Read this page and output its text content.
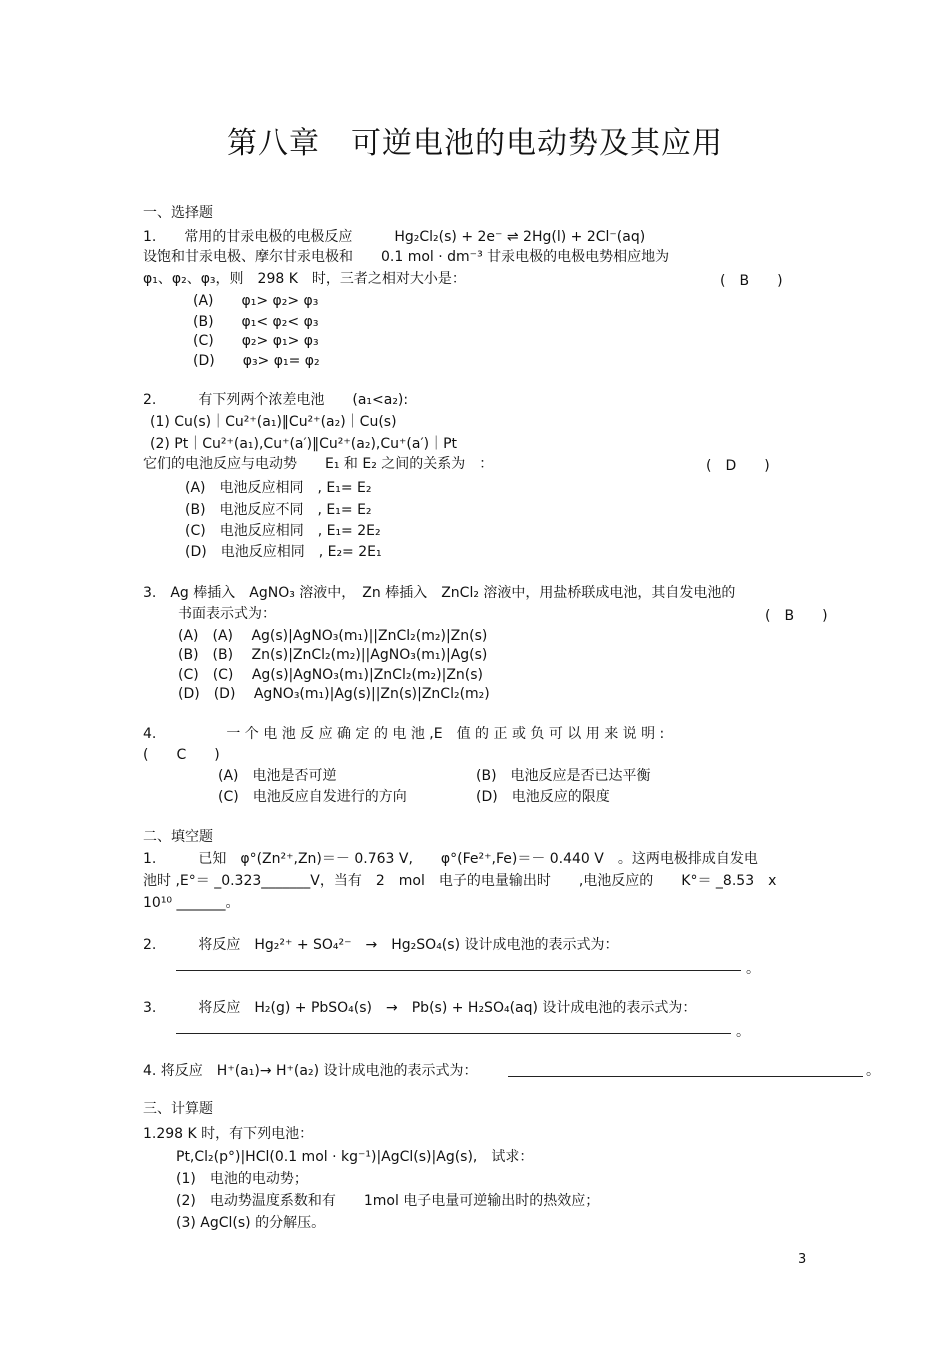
第八章　可逆电池的电动势及其应用
一、选择题
1.　　常用的甘汞电极的电极反应　　　Hg₂Cl₂(s) + 2e⁻ ⇌ 2Hg(l) + 2Cl⁻(aq)
设饱和甘汞电极、摩尔甘汞电极和　　0.1 mol · dm⁻³ 甘汞电极的电极电势相应地为
φ₁、φ₂、φ₃，则　298 K　时，三者之相对大小是：	(　B　　)
(A)　　φ₁> φ₂> φ₃
(B)　　φ₁< φ₂< φ₃
(C)　　φ₂> φ₁> φ₃
(D)　　φ₃> φ₁= φ₂
2.　　　有下列两个浓差电池　　(a₁<a₂):
(1) Cu(s)｜Cu²⁺(a₁)‖Cu²⁺(a₂)｜Cu(s)
(2) Pt｜Cu²⁺(a₁),Cu⁺(a′)‖Cu²⁺(a₂),Cu⁺(a′)｜Pt
它们的电池反应与电动势　　E₁ 和 E₂ 之间的关系为　：	(　D　　)
(A)　电池反应相同　, E₁= E₂
(B)　电池反应不同　, E₁= E₂
(C)　电池反应相同　, E₁= 2E₂
(D)　电池反应相同　, E₂= 2E₁
3.　Ag 棒插入　AgNO₃ 溶液中，　Zn 棒插入　ZnCl₂ 溶液中，用盐桥联成电池，其自发电池的
书面表示式为：	(　B　　)
(A)　(A)　 Ag(s)|AgNO₃(m₁)||ZnCl₂(m₂)|Zn(s)
(B)　(B)　 Zn(s)|ZnCl₂(m₂)||AgNO₃(m₁)|Ag(s)
(C)　(C)　 Ag(s)|AgNO₃(m₁)|ZnCl₂(m₂)|Zn(s)
(D)　(D)　 AgNO₃(m₁)|Ag(s)||Zn(s)|ZnCl₂(m₂)
4.　　　　　一 个 电 池 反 应 确 定 的 电 池 ,E　值 的 正 或 负 可 以 用 来 说 明 :
(　　C　　)
(A)　电池是否可逆	(B)　电池反应是否已达平衡
(C)　电池反应自发进行的方向	(D)　电池反应的限度
二、填空题
1.　　　已知　φ°(Zn²⁺,Zn)＝－ 0.763 V,　　φ°(Fe²⁺,Fe)＝－ 0.440 V　。这两电极排成自发电
池时 ,E°＝ _0.323_______V，当有　2　mol　电子的电量输出时　　,电池反应的　　K°＝ _8.53　x
10¹⁰ _______。
2.　　　将反应　Hg₂²⁺ + SO₄²⁻　→　Hg₂SO₄(s) 设计成电池的表示式为：
。
3.　　　将反应　H₂(g) + PbSO₄(s)　→　Pb(s) + H₂SO₄(aq) 设计成电池的表示式为：
。
4. 将反应　H⁺(a₁)→ H⁺(a₂) 设计成电池的表示式为：	。
三、计算题
1.298 K 时，有下列电池：
Pt,Cl₂(p°)|HCl(0.1 mol · kg⁻¹)|AgCl(s)|Ag(s),　试求：
(1)　电池的电动势；
(2)　电动势温度系数和有　　1mol 电子电量可逆输出时的热效应；
(3) AgCl(s) 的分解压。
3
